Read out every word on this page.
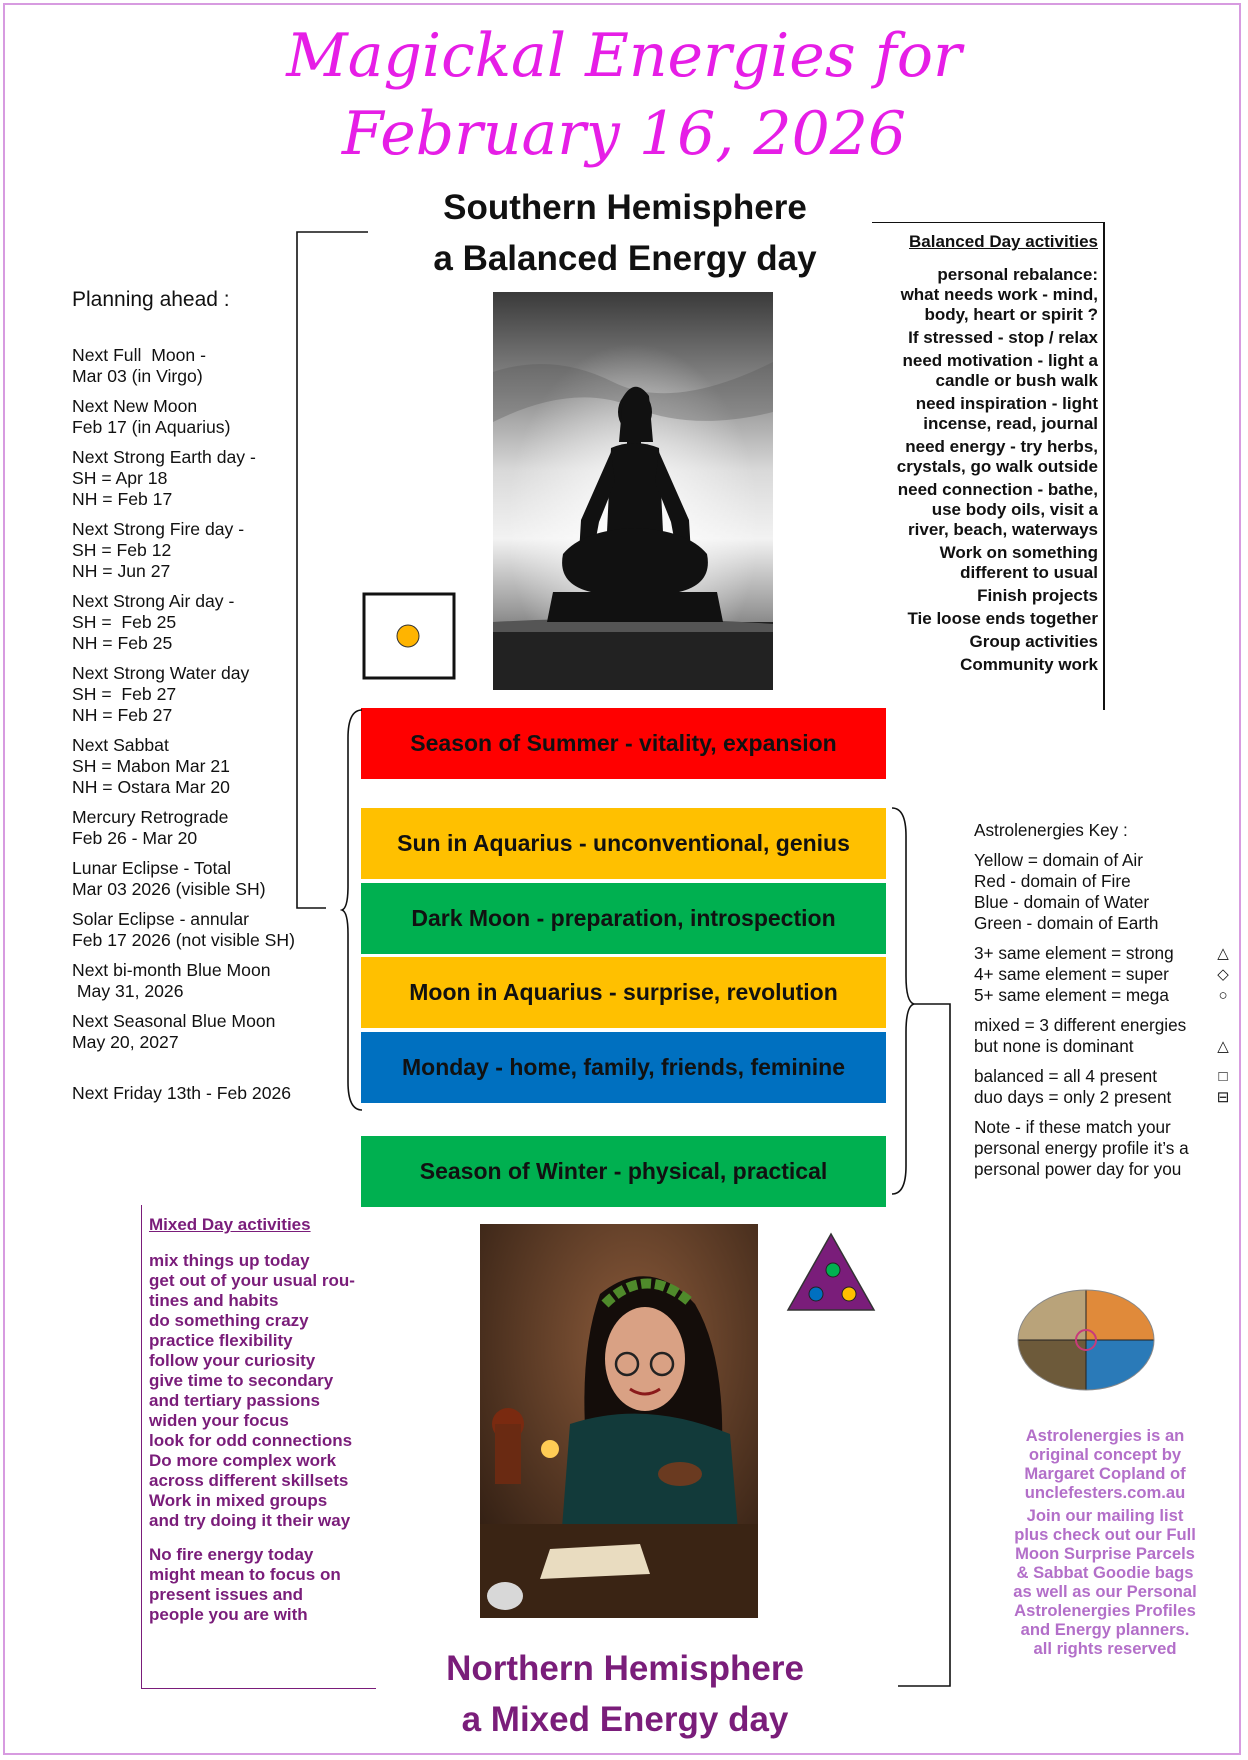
Magickal Energies for
February 16, 2026
Southern Hemisphere
a Balanced Energy day
Planning ahead :
Next Full  Moon -
Mar 03 (in Virgo)
Next New Moon
Feb 17 (in Aquarius)
Next Strong Earth day -
SH = Apr 18
NH = Feb 17
Next Strong Fire day -
SH = Feb 12
NH = Jun 27
Next Strong Air day -
SH =  Feb 25
NH = Feb 25
Next Strong Water day
SH =  Feb 27
NH = Feb 27
Next Sabbat
SH = Mabon Mar 21
NH = Ostara Mar 20
Mercury Retrograde
Feb 26 - Mar 20
Lunar Eclipse - Total
Mar 03 2026 (visible SH)
Solar Eclipse - annular
Feb 17 2026 (not visible SH)
Next bi-month Blue Moon
May 31, 2026
Next Seasonal Blue Moon
May 20, 2027

Next Friday 13th - Feb 2026
Balanced Day activities
personal rebalance:
what needs work - mind,
body, heart or spirit ?
If stressed - stop / relax
need motivation - light a
candle or bush walk
need inspiration - light
incense, read, journal
need energy - try herbs,
crystals, go walk outside
need connection - bathe,
use body oils, visit a
river, beach, waterways
Work on something
different to usual
Finish projects
Tie loose ends together
Group activities
Community work
Season of Summer - vitality, expansion
Sun in Aquarius - unconventional, genius
Dark Moon - preparation, introspection
Moon in Aquarius - surprise, revolution
Monday - home, family, friends, feminine
Season of Winter - physical, practical
Astrolenergies Key :
Yellow = domain of Air
Red - domain of Fire
Blue - domain of Water
Green - domain of Earth
3+ same element = strong	△
4+ same element = super	◇
5+ same element = mega	○
mixed = 3 different energies
but none is dominant	△
balanced = all 4 present	□
duo days = only 2 present	⊟
Note - if these match your
personal energy profile it’s a
personal power day for you
Mixed Day activities
mix things up today
get out of your usual rou-
tines and habits
do something crazy
practice flexibility
follow your curiosity
give time to secondary
and tertiary passions
widen your focus
look for odd connections
Do more complex work
across different skillsets
Work in mixed groups
and try doing it their way
No fire energy today
might mean to focus on
present issues and
people you are with

Astrolenergies is an
original concept by
Margaret Copland of
unclefesters.com.au

Join our mailing list
plus check out our Full
Moon Surprise Parcels
& Sabbat Goodie bags
as well as our Personal
Astrolenergies Profiles
and Energy planners.
all rights reserved

Northern Hemisphere
a Mixed Energy day
